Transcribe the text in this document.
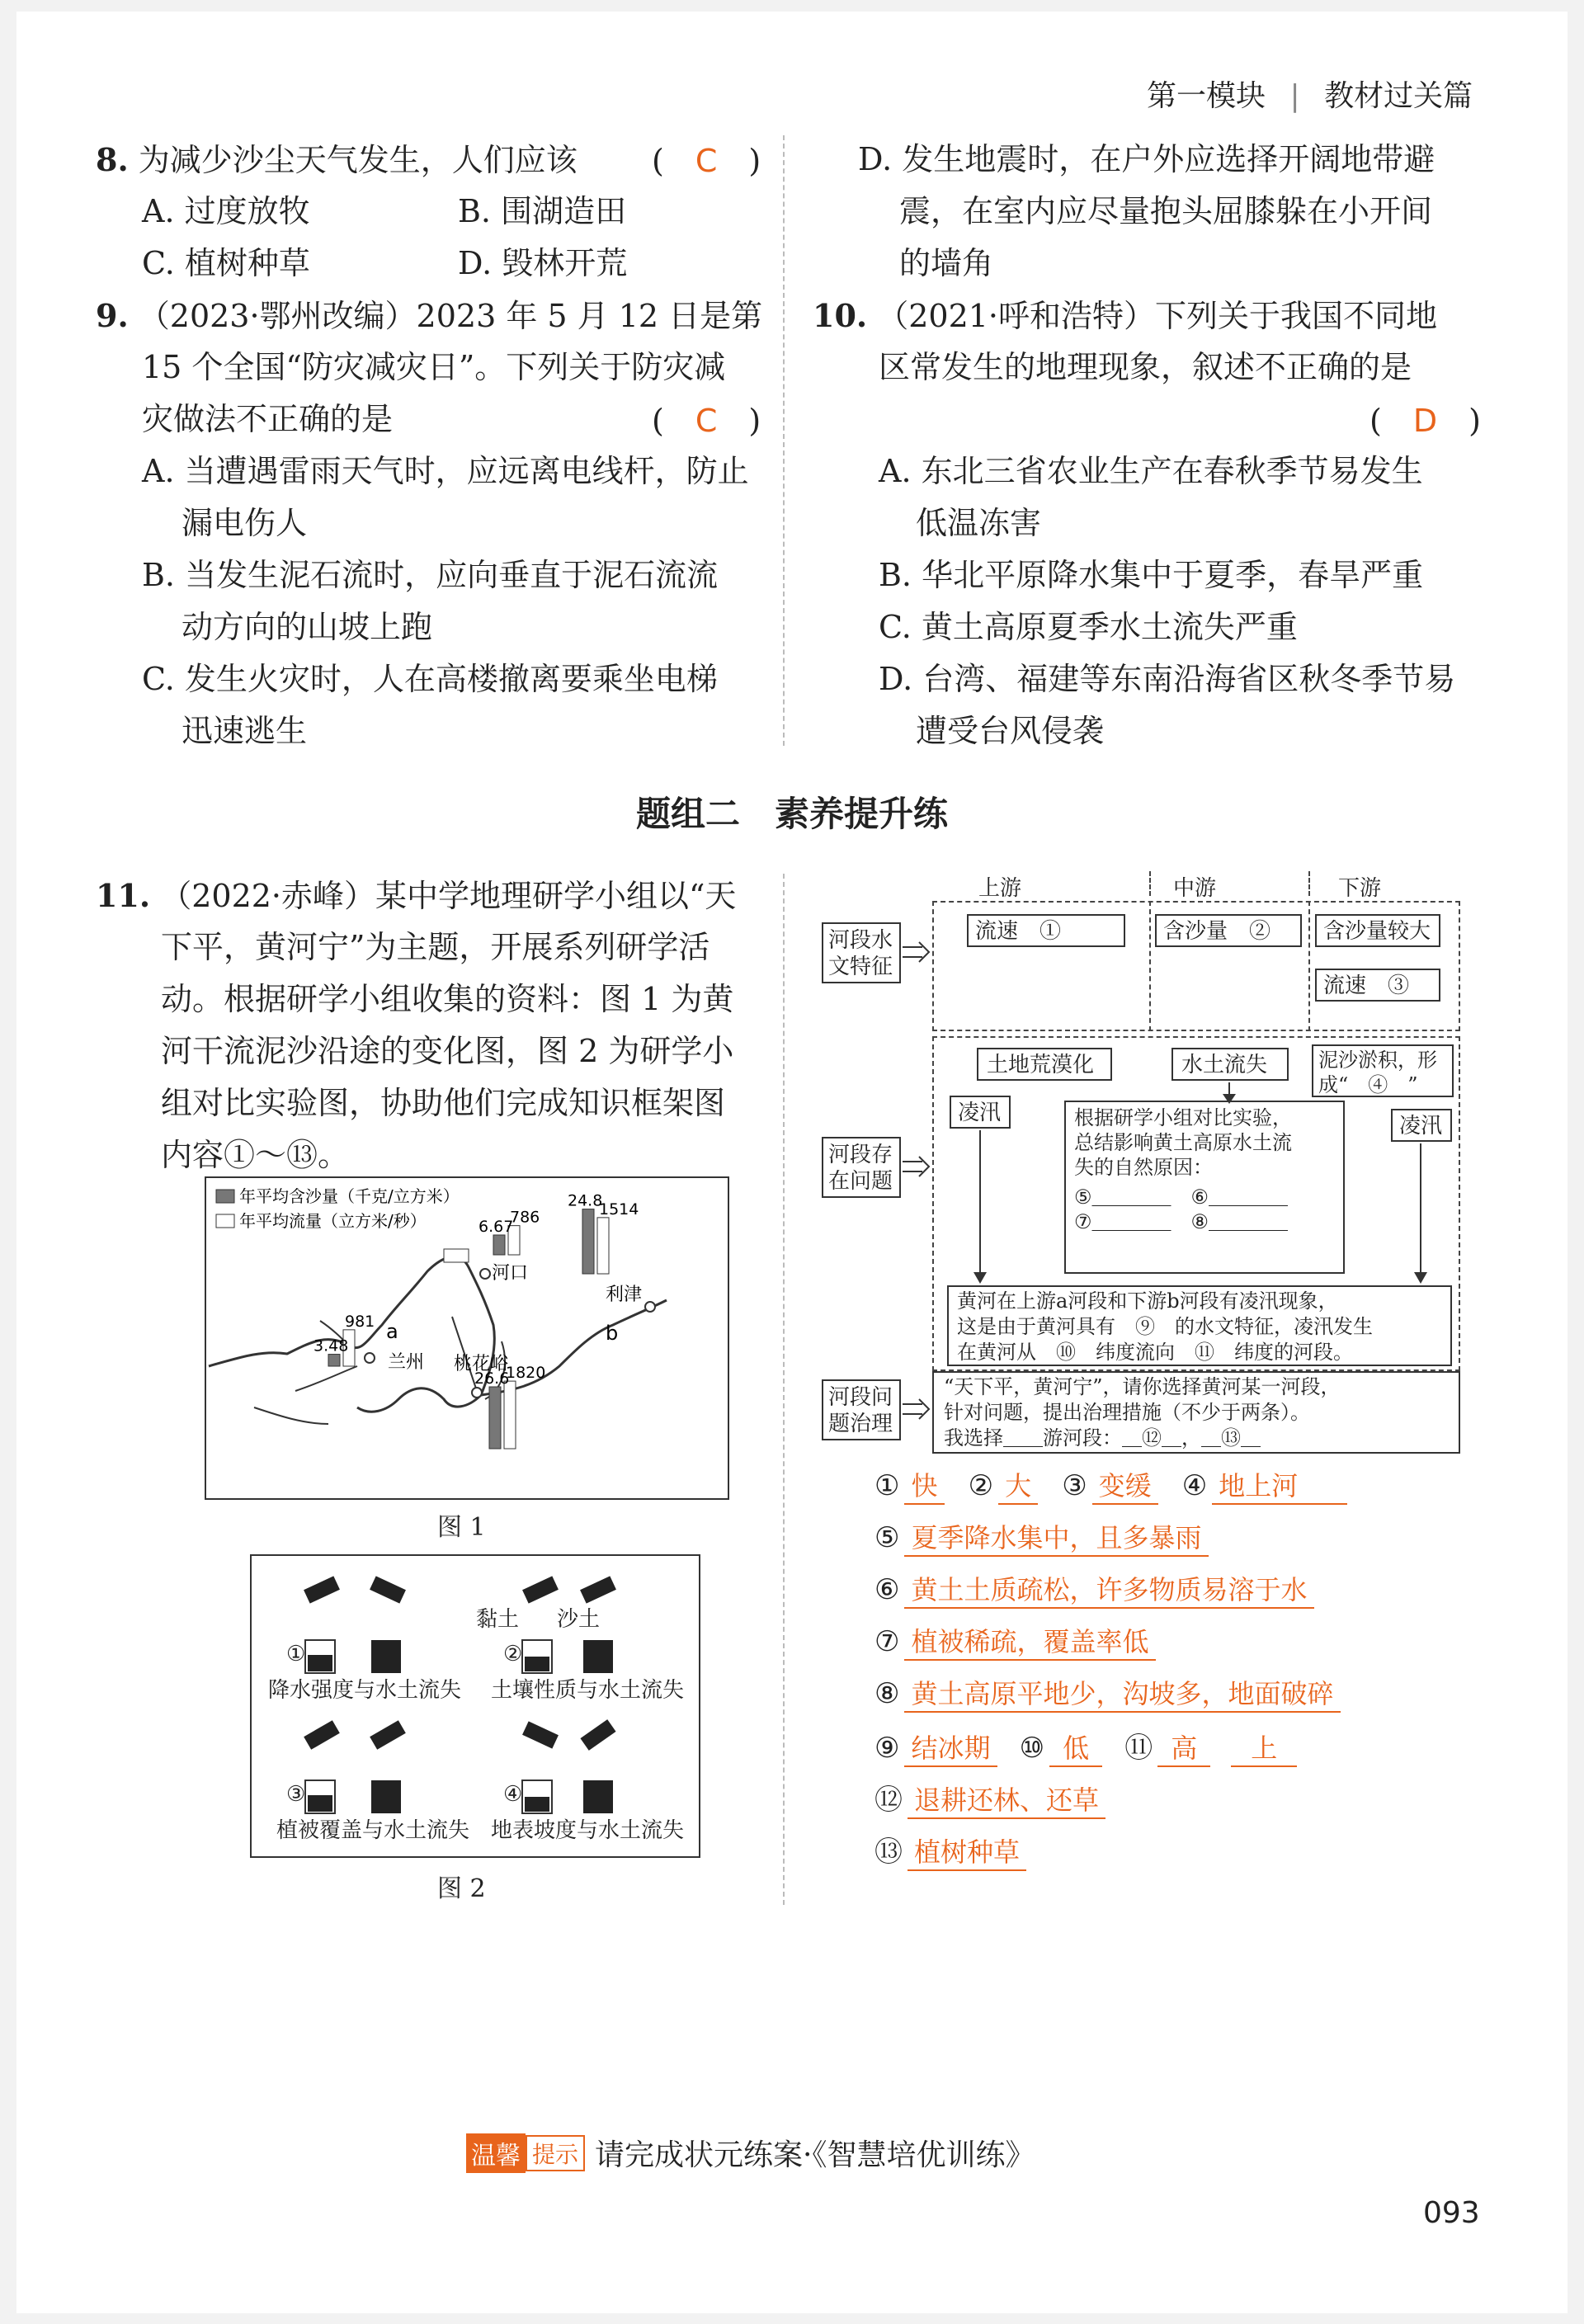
第一模块 | 教材过关篇
8. 为减少沙尘天气发生，人们应该 (　C　)
A. 过度放牧	B. 围湖造田
C. 植树种草	D. 毁林开荒
9. （2023·鄂州改编）2023 年 5 月 12 日是第
15 个全国“防灾减灾日”。下列关于防灾减
灾做法不正确的是	(　C　)
A. 当遭遇雷雨天气时，应远离电线杆，防止
漏电伤人
B. 当发生泥石流时，应向垂直于泥石流流
动方向的山坡上跑
C. 发生火灾时，人在高楼撤离要乘坐电梯
迅速逃生
D. 发生地震时，在户外应选择开阔地带避
震，在室内应尽量抱头屈膝躲在小开间
的墙角
10. （2021·呼和浩特）下列关于我国不同地
区常发生的地理现象，叙述不正确的是
(　D　)
A. 东北三省农业生产在春秋季节易发生
低温冻害
B. 华北平原降水集中于夏季，春旱严重
C. 黄土高原夏季水土流失严重
D. 台湾、福建等东南沿海省区秋冬季节易
遭受台风侵袭
题组二　素养提升练
11. （2022·赤峰）某中学地理研学小组以“天
下平，黄河宁”为主题，开展系列研学活
动。根据研学小组收集的资料：图 1 为黄
河干流泥沙沿途的变化图，图 2 为研学小
组对比实验图，协助他们完成知识框架图
内容①～⑬。
年平均含沙量（千克/立方米）
年平均流量（立方米/秒）
兰州
河口
桃花峪
利津
a	b
3.48
981
6.67
786
26.6
1820
24.8
1514
图 1
黏土 沙土
①
降水强度与水土流失
②
土壤性质与水土流失
③
植被覆盖与水土流失
④
地表坡度与水土流失
图 2
上游	中游	下游
河段水文特征
流速　①	含沙量　②	含沙量较大
流速　③
河段存在问题
土地荒漠化	水土流失	泥沙淤积，形成“　④　”
凌汛
凌汛
根据研学小组对比实验，
总结影响黄土高原水土流
失的自然原因：
⑤＿＿＿＿　⑥＿＿＿＿
⑦＿＿＿＿　⑧＿＿＿＿
黄河在上游a河段和下游b河段有凌汛现象，
这是由于黄河具有　⑨　的水文特征，凌汛发生
在黄河从　⑩　纬度流向　⑪　纬度的河段。
河段问题治理
“天下平，黄河宁”，请你选择黄河某一河段，
针对问题，提出治理措施（不少于两条）。
我选择＿＿游河段：＿⑫＿，＿⑬＿
① 快 ② 大 ③ 变缓 ④ 地上河
⑤ 夏季降水集中，且多暴雨
⑥ 黄土土质疏松，许多物质易溶于水
⑦ 植被稀疏，覆盖率低
⑧ 黄土高原平地少，沟坡多，地面破碎
⑨ 结冰期 ⑩ 低 ⑪ 高 上
⑫ 退耕还林、还草
⑬ 植树种草
温馨 提示 请完成状元练案·《智慧培优训练》
093
